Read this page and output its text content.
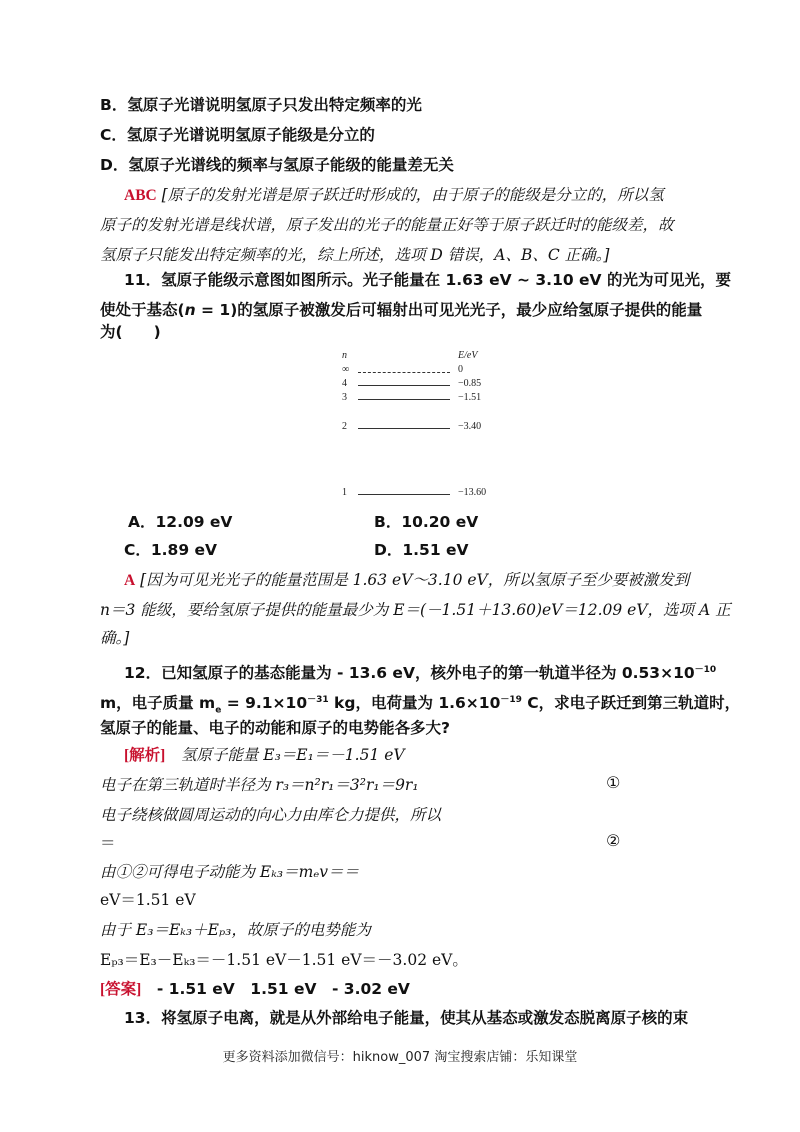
B．氢原子光谱说明氢原子只发出特定频率的光
C．氢原子光谱说明氢原子能级是分立的
D．氢原子光谱线的频率与氢原子能级的能量差无关
ABC [原子的发射光谱是原子跃迁时形成的，由于原子的能级是分立的，所以氢
原子的发射光谱是线状谱，原子发出的光子的能量正好等于原子跃迁时的能级差，故
氢原子只能发出特定频率的光，综上所述，选项 D 错误，A、B、C 正确。]
11．氢原子能级示意图如图所示。光子能量在 1.63 eV ~ 3.10 eV 的光为可见光，要
使处于基态(n = 1)的氢原子被激发后可辐射出可见光光子，最少应给氢原子提供的能量
为(　　)
n	E/eV
∞	0
4	−0.85
3	−1.51
2	−3.40
1	−13.60
A．12.09 eV	B．10.20 eV
C．1.89 eV	D．1.51 eV
A [因为可见光光子的能量范围是 1.63 eV～3.10 eV，所以氢原子至少要被激发到
n＝3 能级，要给氢原子提供的能量最少为 E＝(－1.51＋13.60)eV＝12.09 eV，选项 A 正
确。]
12．已知氢原子的基态能量为 - 13.6 eV，核外电子的第一轨道半径为 $0.53\times 10^{-10}$
m，电子质量 $m_e = 9.1\times 10^{-31}$ kg，电荷量为 $1.6\times 10^{-19}$ C，求电子跃迁到第三轨道时，
氢原子的能量、电子的动能和原子的电势能各多大?
[解析]　氢原子能量 E₃＝E₁＝－1.51 eV
电子在第三轨道时半径为 r₃＝n²r₁＝3²r₁＝9r₁	①
电子绕核做圆周运动的向心力由库仑力提供，所以
＝	②
由①②可得电子动能为 Eₖ₃＝mₑv＝＝
eV＝1.51 eV
由于 E₃＝Eₖ₃＋Eₚ₃，故原子的电势能为
Eₚ₃＝E₃－Eₖ₃＝－1.51 eV－1.51 eV＝－3.02 eV。
[答案]　- 1.51 eV　1.51 eV　- 3.02 eV
13．将氢原子电离，就是从外部给电子能量，使其从基态或激发态脱离原子核的束
更多资料添加微信号：hiknow_007 淘宝搜索店铺：乐知课堂
